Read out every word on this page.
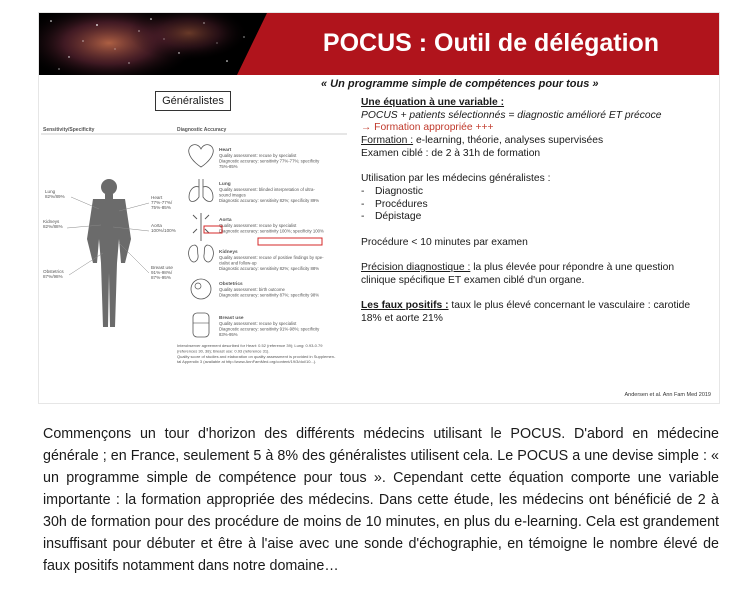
POCUS : Outil de délégation
« Un programme simple de compétences pour tous »
Généralistes
Sensitivity/Specificity	Diagnostic Accuracy
Lung
82%/89%	Heart
77%-77%/
75%-85%
Kidneys
82%/88%	Aorta
100%/100%
Obstetrics
87%/98%
Breast use
91%-98%/
87%-95%
Heart
Quality assessment: recuse by specialist
Diagnostic accuracy: sensitivity 77%-77%; specificity
75%-85%
Lung
Quality assessment: blinded interpretation of ultra-
sound images
Diagnostic accuracy: sensitivity 82%; specificity 89%
Aorta
Quality assessment: recuse by specialist
Diagnostic accuracy: sensitivity 100%; specificity 100%
Kidneys
Quality assessment: recuse of positive findings by spe-
cialist and follow-up
Diagnostic accuracy: sensitivity 82%; specificity 88%
Obstetrics
Quality assessment: birth outcome
Diagnostic accuracy: sensitivity 87%; specificity 98%
Breast use
Quality assessment: recuse by specialist
Diagnostic accuracy: sensitivity 91%-98%; specificity
83%-95%
Interobserver agreement described for Heart: 0.52 (reference 39); Lung: 0.93-0.79
(references 30, 38); Breast use: 0.93 (reference 31).
Quality score of studies and elaboration on quality assessment is provided in Supplemen-
tal Appendix 3 (available at http://www.AnnFamMed.org/content/19/3/doi/10...).

Une équation à une variable :

POCUS + patients sélectionnés = diagnostic amélioré ET précoce

→ Formation appropriée +++

Formation : e-learning, théorie, analyses supervisées

Examen ciblé : de 2 à 31h de formation

Utilisation par les médecins généralistes :

- Diagnostic

- Procédures

- Dépistage

Procédure < 10 minutes par examen

Précision diagnostique : la plus élevée pour répondre à une question clinique spécifique ET examen ciblé d'un organe.

Les faux positifs : taux le plus élevé concernant le vasculaire : carotide 18% et aorte 21%

Andersen et al. Ann Fam Med 2019
Commençons un tour d'horizon des différents médecins utilisant le POCUS. D'abord en médecine générale ; en France, seulement 5 à 8% des généralistes utilisent cela. Le POCUS a une devise simple : « un programme simple de compétence pour tous ». Cependant cette équation comporte une variable importante : la formation appropriée des médecins. Dans cette étude, les médecins ont bénéficié de 2 à 30h de formation pour des procédure de moins de 10 minutes, en plus du e-learning. Cela est grandement insuffisant pour débuter et être à l'aise avec une sonde d'échographie, en témoigne le nombre élevé de faux positifs notamment dans notre domaine…
